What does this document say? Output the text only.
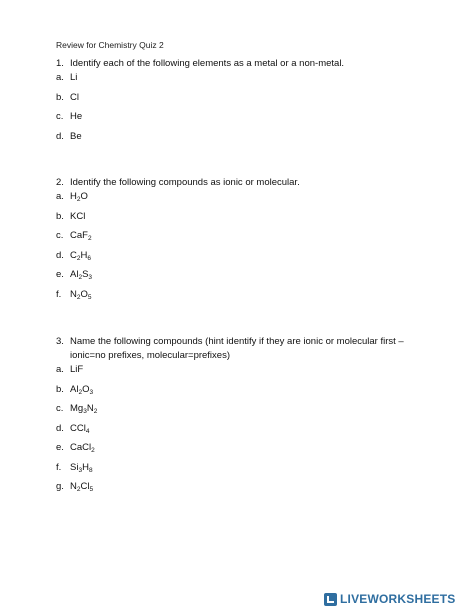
Review for Chemistry Quiz 2
1. Identify each of the following elements as a metal or a non-metal.
a. Li
b. Cl
c. He
d. Be
2. Identify the following compounds as ionic or molecular.
a. $H_2O$
b. KCl
c. CaF$_2$
d. $C_2H_6$
e. $Al_2S_3$
f. $N_2O_5$
3. Name the following compounds (hint identify if they are ionic or molecular first – ionic=no prefixes, molecular=prefixes)
a. LiF
b. $Al_2O_3$
c. $Mg_3N_2$
d. CCl$_4$
e. CaCl$_2$
f. $Si_3H_8$
g. $N_2Cl_5$
LIVEWORKSHEETS
